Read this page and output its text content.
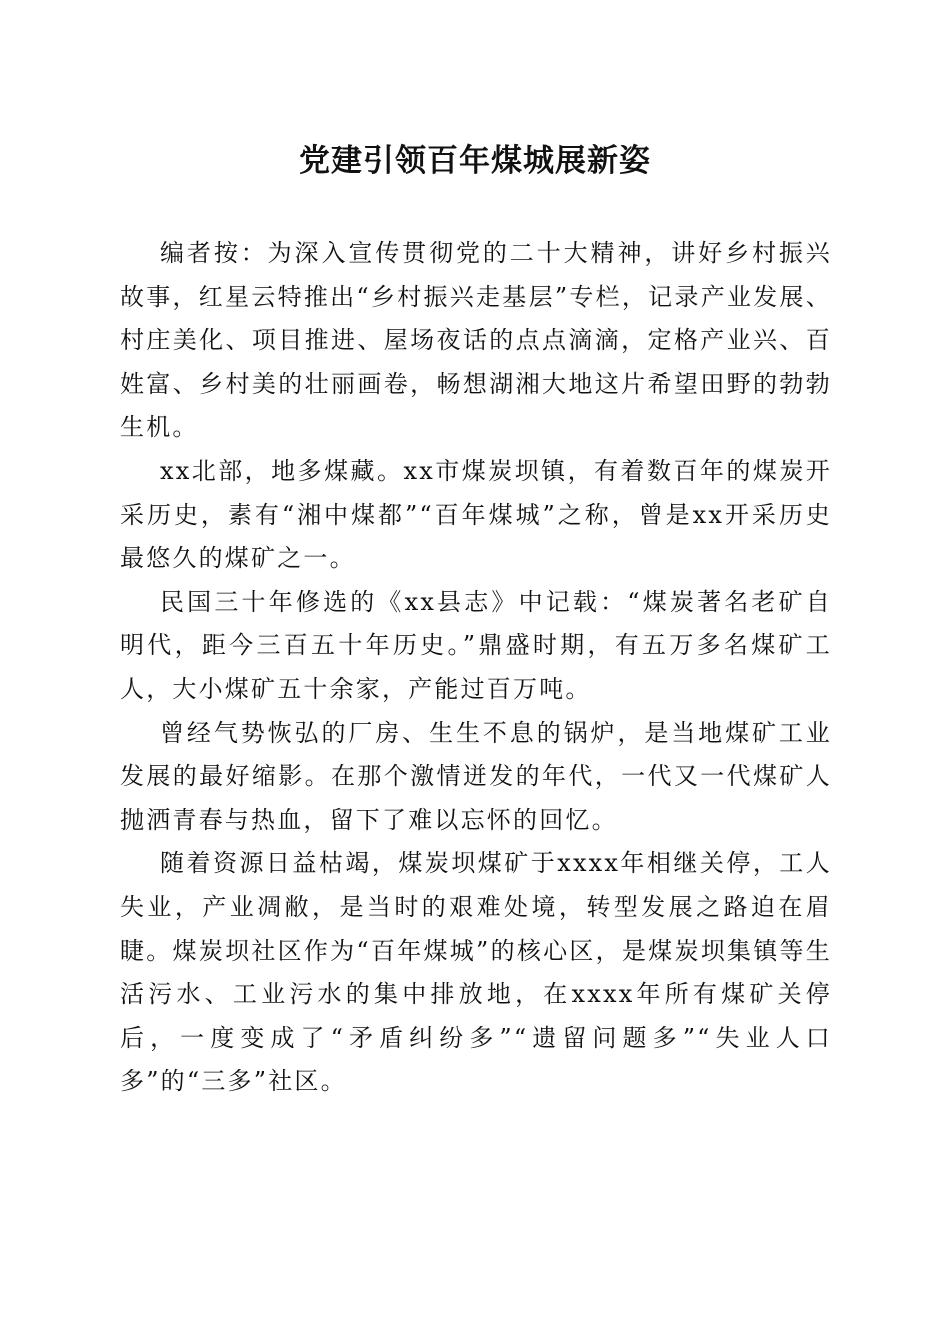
党建引领百年煤城展新姿

编者按：为深入宣传贯彻党的二十大精神，讲好乡村振兴故事，红星云特推出“乡村振兴走基层”专栏，记录产业发展、村庄美化、项目推进、屋场夜话的点点滴滴，定格产业兴、百姓富、乡村美的壮丽画卷，畅想湖湘大地这片希望田野的勃勃生机。

xx北部，地多煤藏。xx市煤炭坝镇，有着数百年的煤炭开采历史，素有“湘中煤都”“百年煤城”之称，曾是xx开采历史最悠久的煤矿之一。

民国三十年修选的《xx县志》中记载：“煤炭著名老矿自明代，距今三百五十年历史。”鼎盛时期，有五万多名煤矿工人，大小煤矿五十余家，产能过百万吨。

曾经气势恢弘的厂房、生生不息的锅炉，是当地煤矿工业发展的最好缩影。在那个激情迸发的年代，一代又一代煤矿人抛洒青春与热血，留下了难以忘怀的回忆。

随着资源日益枯竭，煤炭坝煤矿于xxxx年相继关停，工人失业，产业凋敝，是当时的艰难处境，转型发展之路迫在眉睫。煤炭坝社区作为“百年煤城”的核心区，是煤炭坝集镇等生活污水、工业污水的集中排放地，在xxxx年所有煤矿关停后，一度变成了“矛盾纠纷多”“遗留问题多”“失业人口多”的“三多”社区。
